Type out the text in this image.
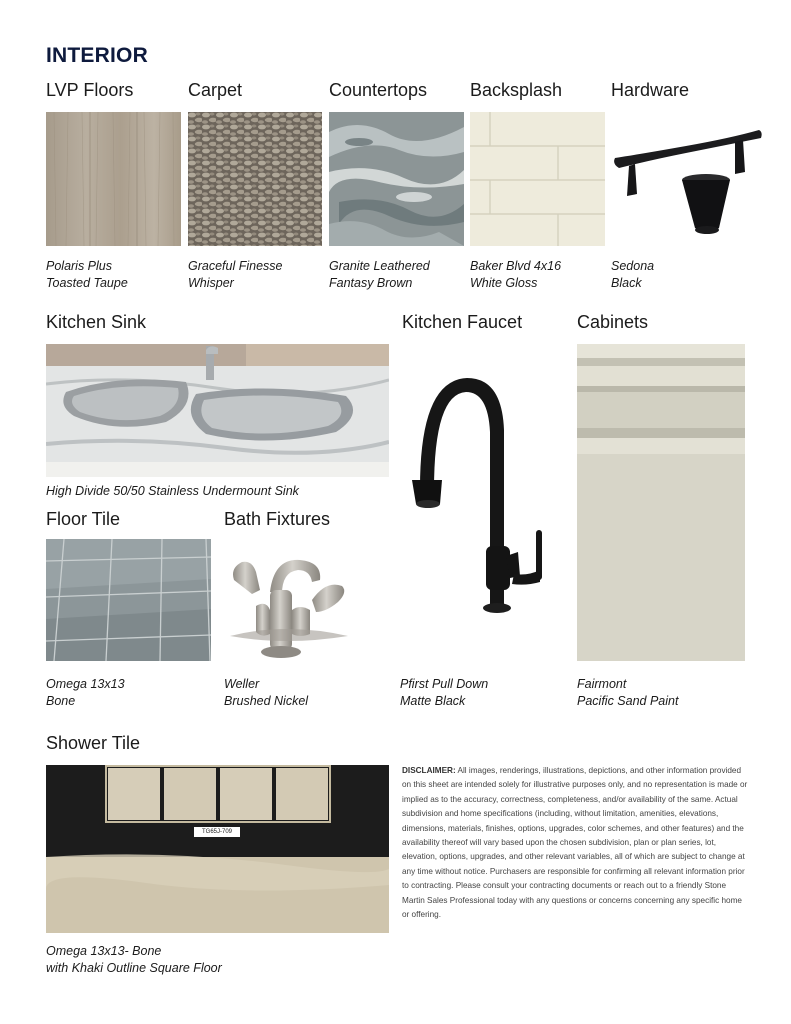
INTERIOR
LVP Floors	Carpet	Countertops Backsplash	Hardware
Polaris Plus
Toasted Taupe
Graceful Finesse
Whisper
Granite Leathered
Fantasy Brown
Baker Blvd 4x16
White Gloss
Sedona
Black
Kitchen Sink	Kitchen Faucet	Cabinets
High Divide 50/50 Stainless Undermount Sink
Pfirst Pull Down
Matte Black
Fairmont
Pacific Sand Paint
Floor Tile	Bath Fixtures
Omega 13x13
Bone
Weller
Brushed Nickel
Shower Tile
TG65J-709
Omega 13x13- Bone
with Khaki Outline Square Floor
DISCLAIMER: All images, renderings, illustrations, depictions, and other information provided on this sheet are intended solely for illustrative purposes only, and no representation is made or implied as to the accuracy, correctness, completeness, and/or availability of the same. Actual subdivision and home specifications (including, without limitation, amenities, elevations, dimensions, materials, finishes, options, upgrades, color schemes, and other features) and the availability thereof will vary based upon the chosen subdivision, plan or plan series, lot, elevation, options, upgrades, and other relevant variables, all of which are subject to change at any time without notice. Purchasers are responsible for confirming all relevant information prior to contracting. Please consult your contracting documents or reach out to a friendly Stone Martin Sales Professional today with any questions or concerns concerning any specific home or offering.
